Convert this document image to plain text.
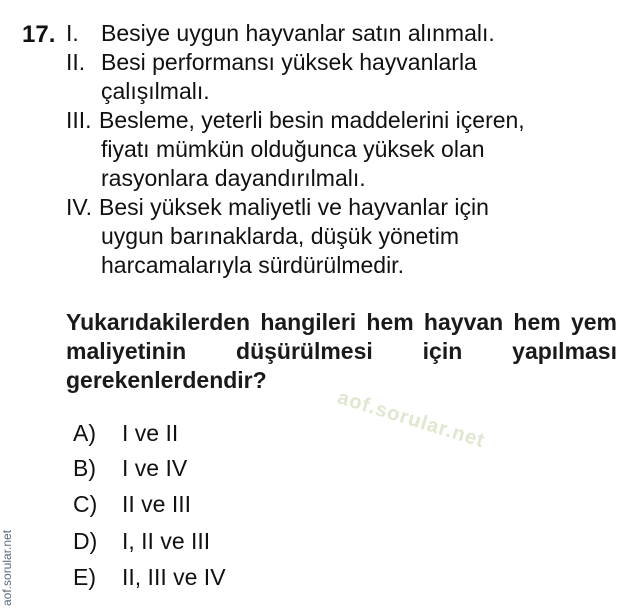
17. I. Besiye uygun hayvanlar satın alınmalı.
II. Besi performansı yüksek hayvanlarla
çalışılmalı.
III. Besleme, yeterli besin maddelerini içeren,
fiyatı mümkün olduğunca yüksek olan
rasyonlara dayandırılmalı.
IV. Besi yüksek maliyetli ve hayvanlar için
uygun barınaklarda, düşük yönetim
harcamalarıyla sürdürülmedir.
Yukarıdakilerden hangileri hem hayvan hem yem maliyetinin düşürülmesi için yapılması gerekenlerdendir?
aof.sorular.net
A) I ve II
B) I ve IV
C) II ve III
D) I, II ve III
E) II, III ve IV
aof.sorular.net
